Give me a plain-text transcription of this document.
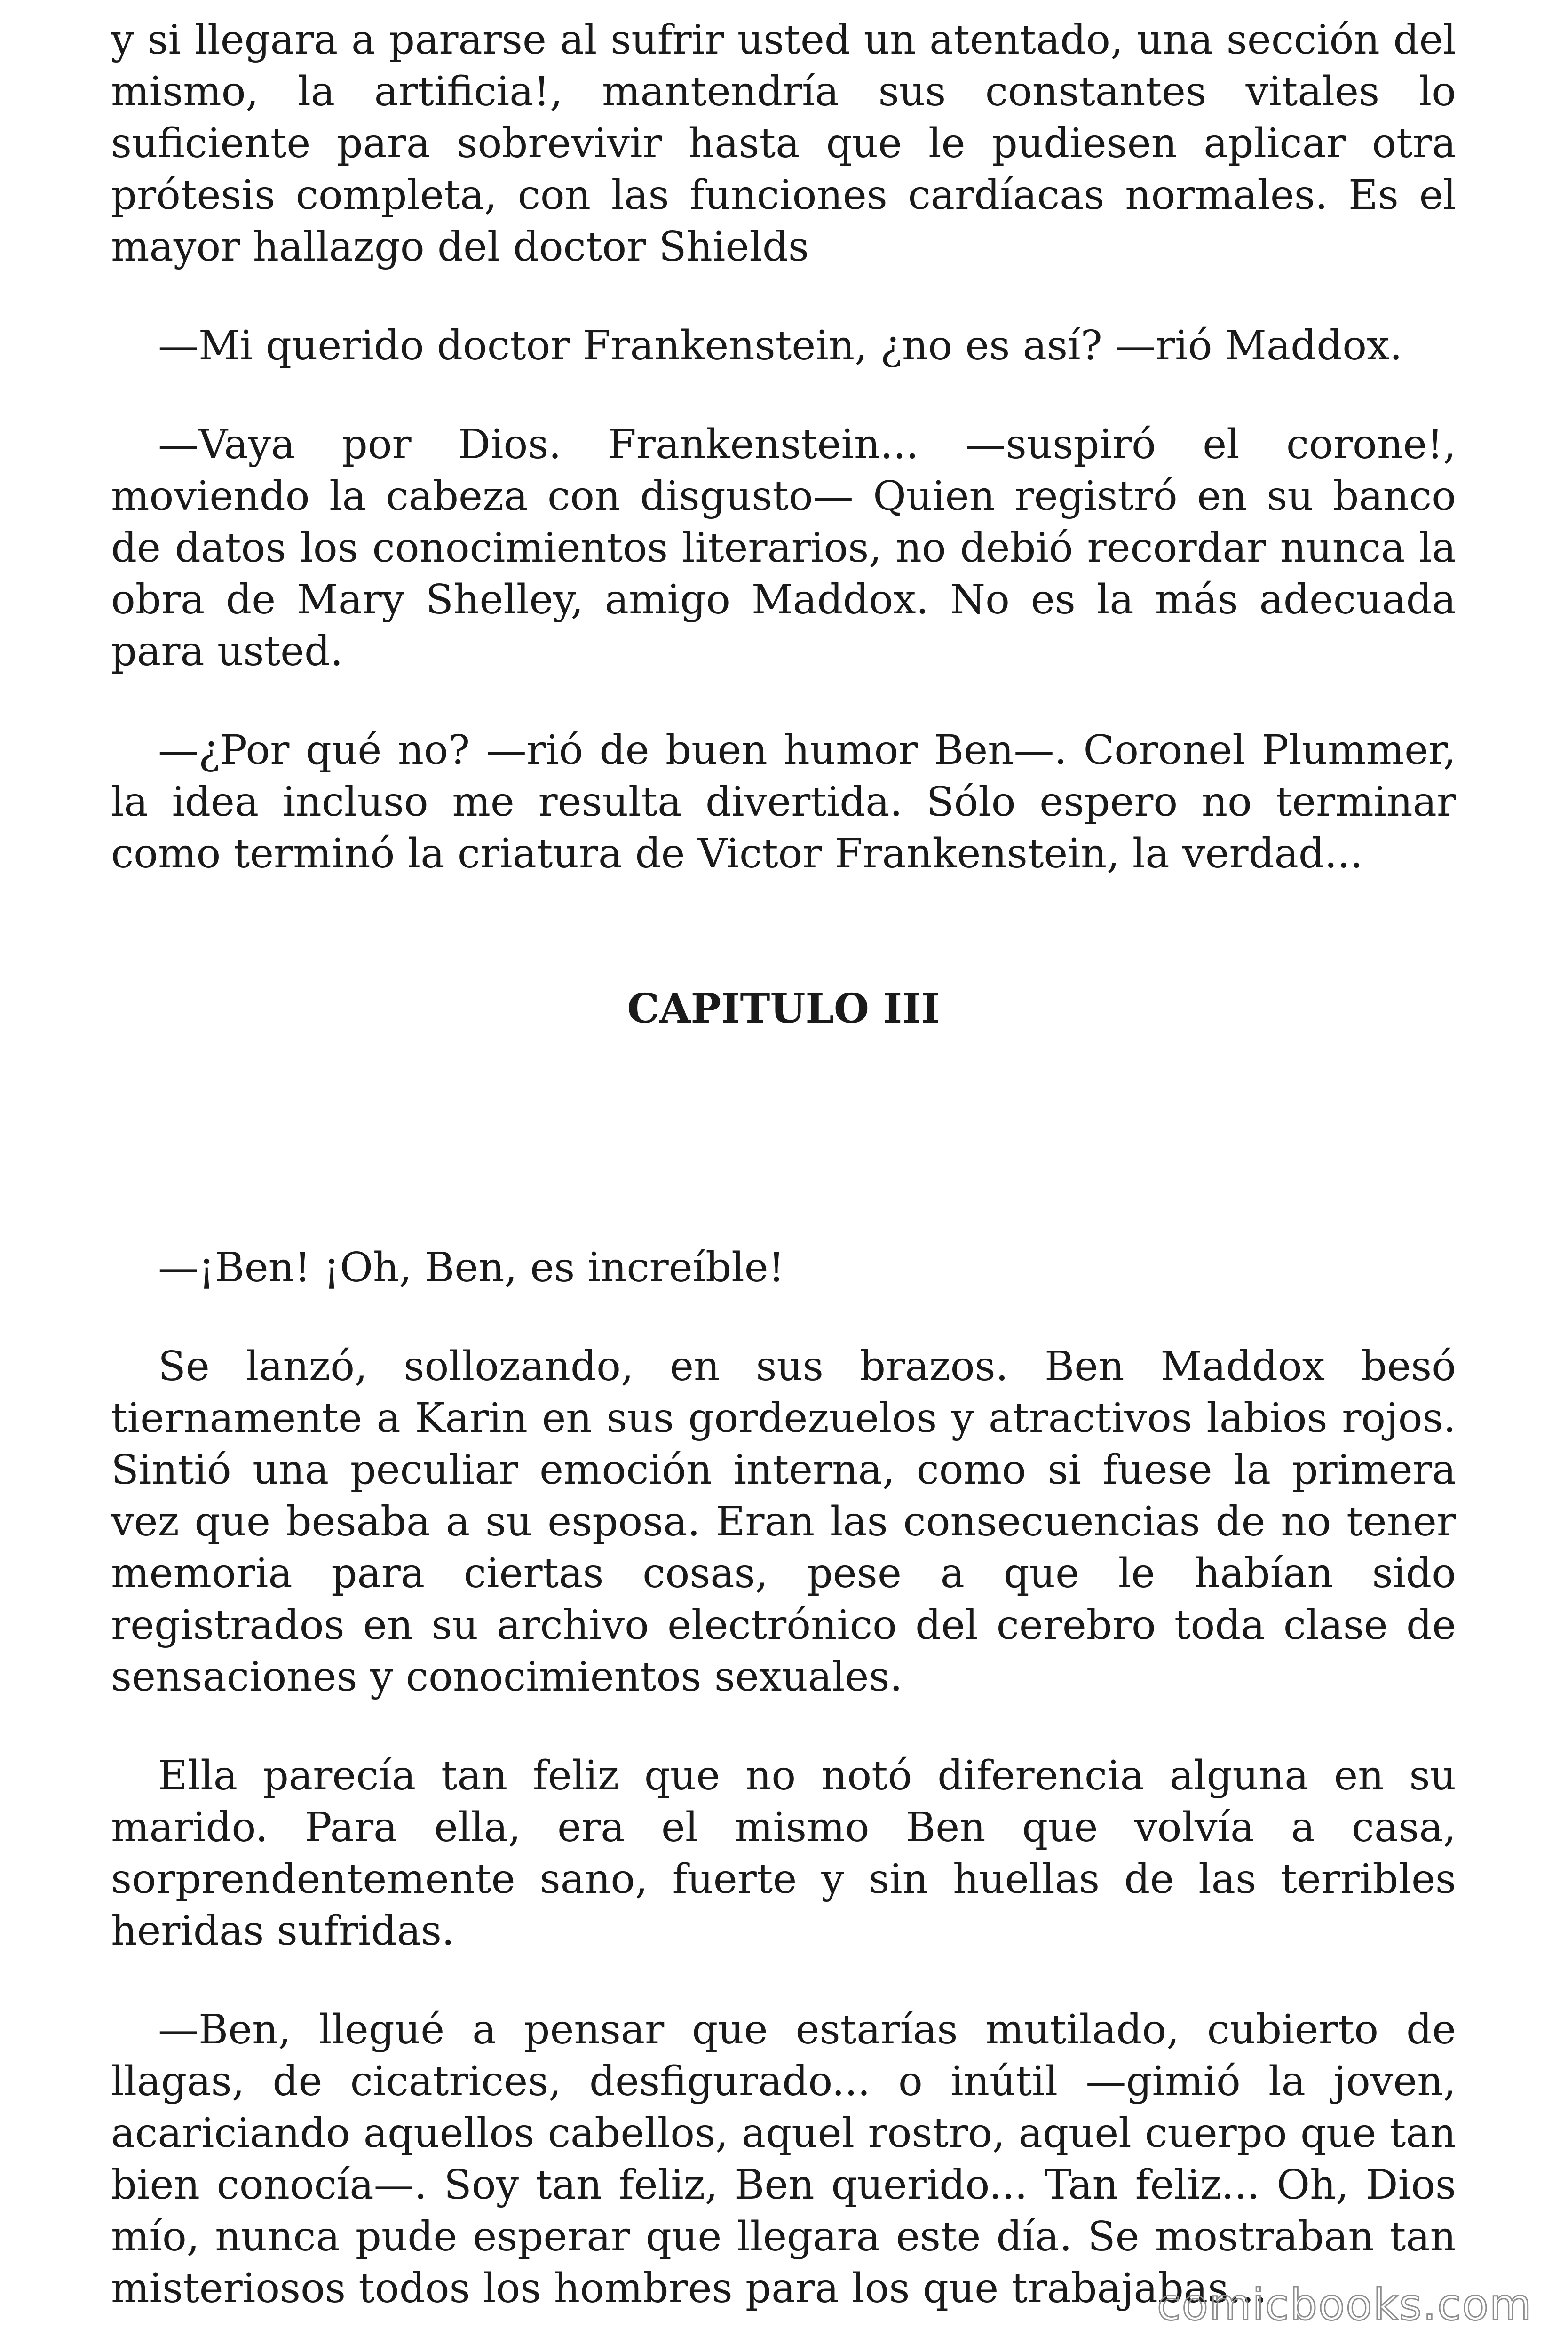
y si llegara a pararse al sufrir usted un atentado, una sección del mismo, la artificia!, mantendría sus constantes vitales lo suficiente para sobrevivir hasta que le pudiesen aplicar otra prótesis completa, con las funciones cardíacas normales. Es el mayor hallazgo del doctor Shields

—Mi querido doctor Frankenstein, ¿no es así? —rió Maddox.

—Vaya por Dios. Frankenstein... —suspiró el corone!, moviendo la cabeza con disgusto— Quien registró en su banco de datos los conocimientos literarios, no debió recordar nunca la obra de Mary Shelley, amigo Maddox. No es la más adecuada para usted.

—¿Por qué no? —rió de buen humor Ben—. Coronel Plummer, la idea incluso me resulta divertida. Sólo espero no terminar como terminó la criatura de Victor Frankenstein, la verdad...

CAPITULO III

—¡Ben! ¡Oh, Ben, es increíble!

Se lanzó, sollozando, en sus brazos. Ben Maddox besó tiernamente a Karin en sus gordezuelos y atractivos labios rojos. Sintió una peculiar emoción interna, como si fuese la primera vez que besaba a su esposa. Eran las consecuencias de no tener memoria para ciertas cosas, pese a que le habían sido registrados en su archivo electrónico del cerebro toda clase de sensaciones y conocimientos sexuales.

Ella parecía tan feliz que no notó diferencia alguna en su marido. Para ella, era el mismo Ben que volvía a casa, sorprendentemente sano, fuerte y sin huellas de las terribles heridas sufridas.

—Ben, llegué a pensar que estarías mutilado, cubierto de llagas, de cicatrices, desfigurado... o inútil —gimió la joven, acariciando aquellos cabellos, aquel rostro, aquel cuerpo que tan bien conocía—. Soy tan feliz, Ben querido... Tan feliz... Oh, Dios mío, nunca pude esperar que llegara este día. Se mostraban tan misteriosos todos los hombres para los que trabajabas...

comicbooks.com
